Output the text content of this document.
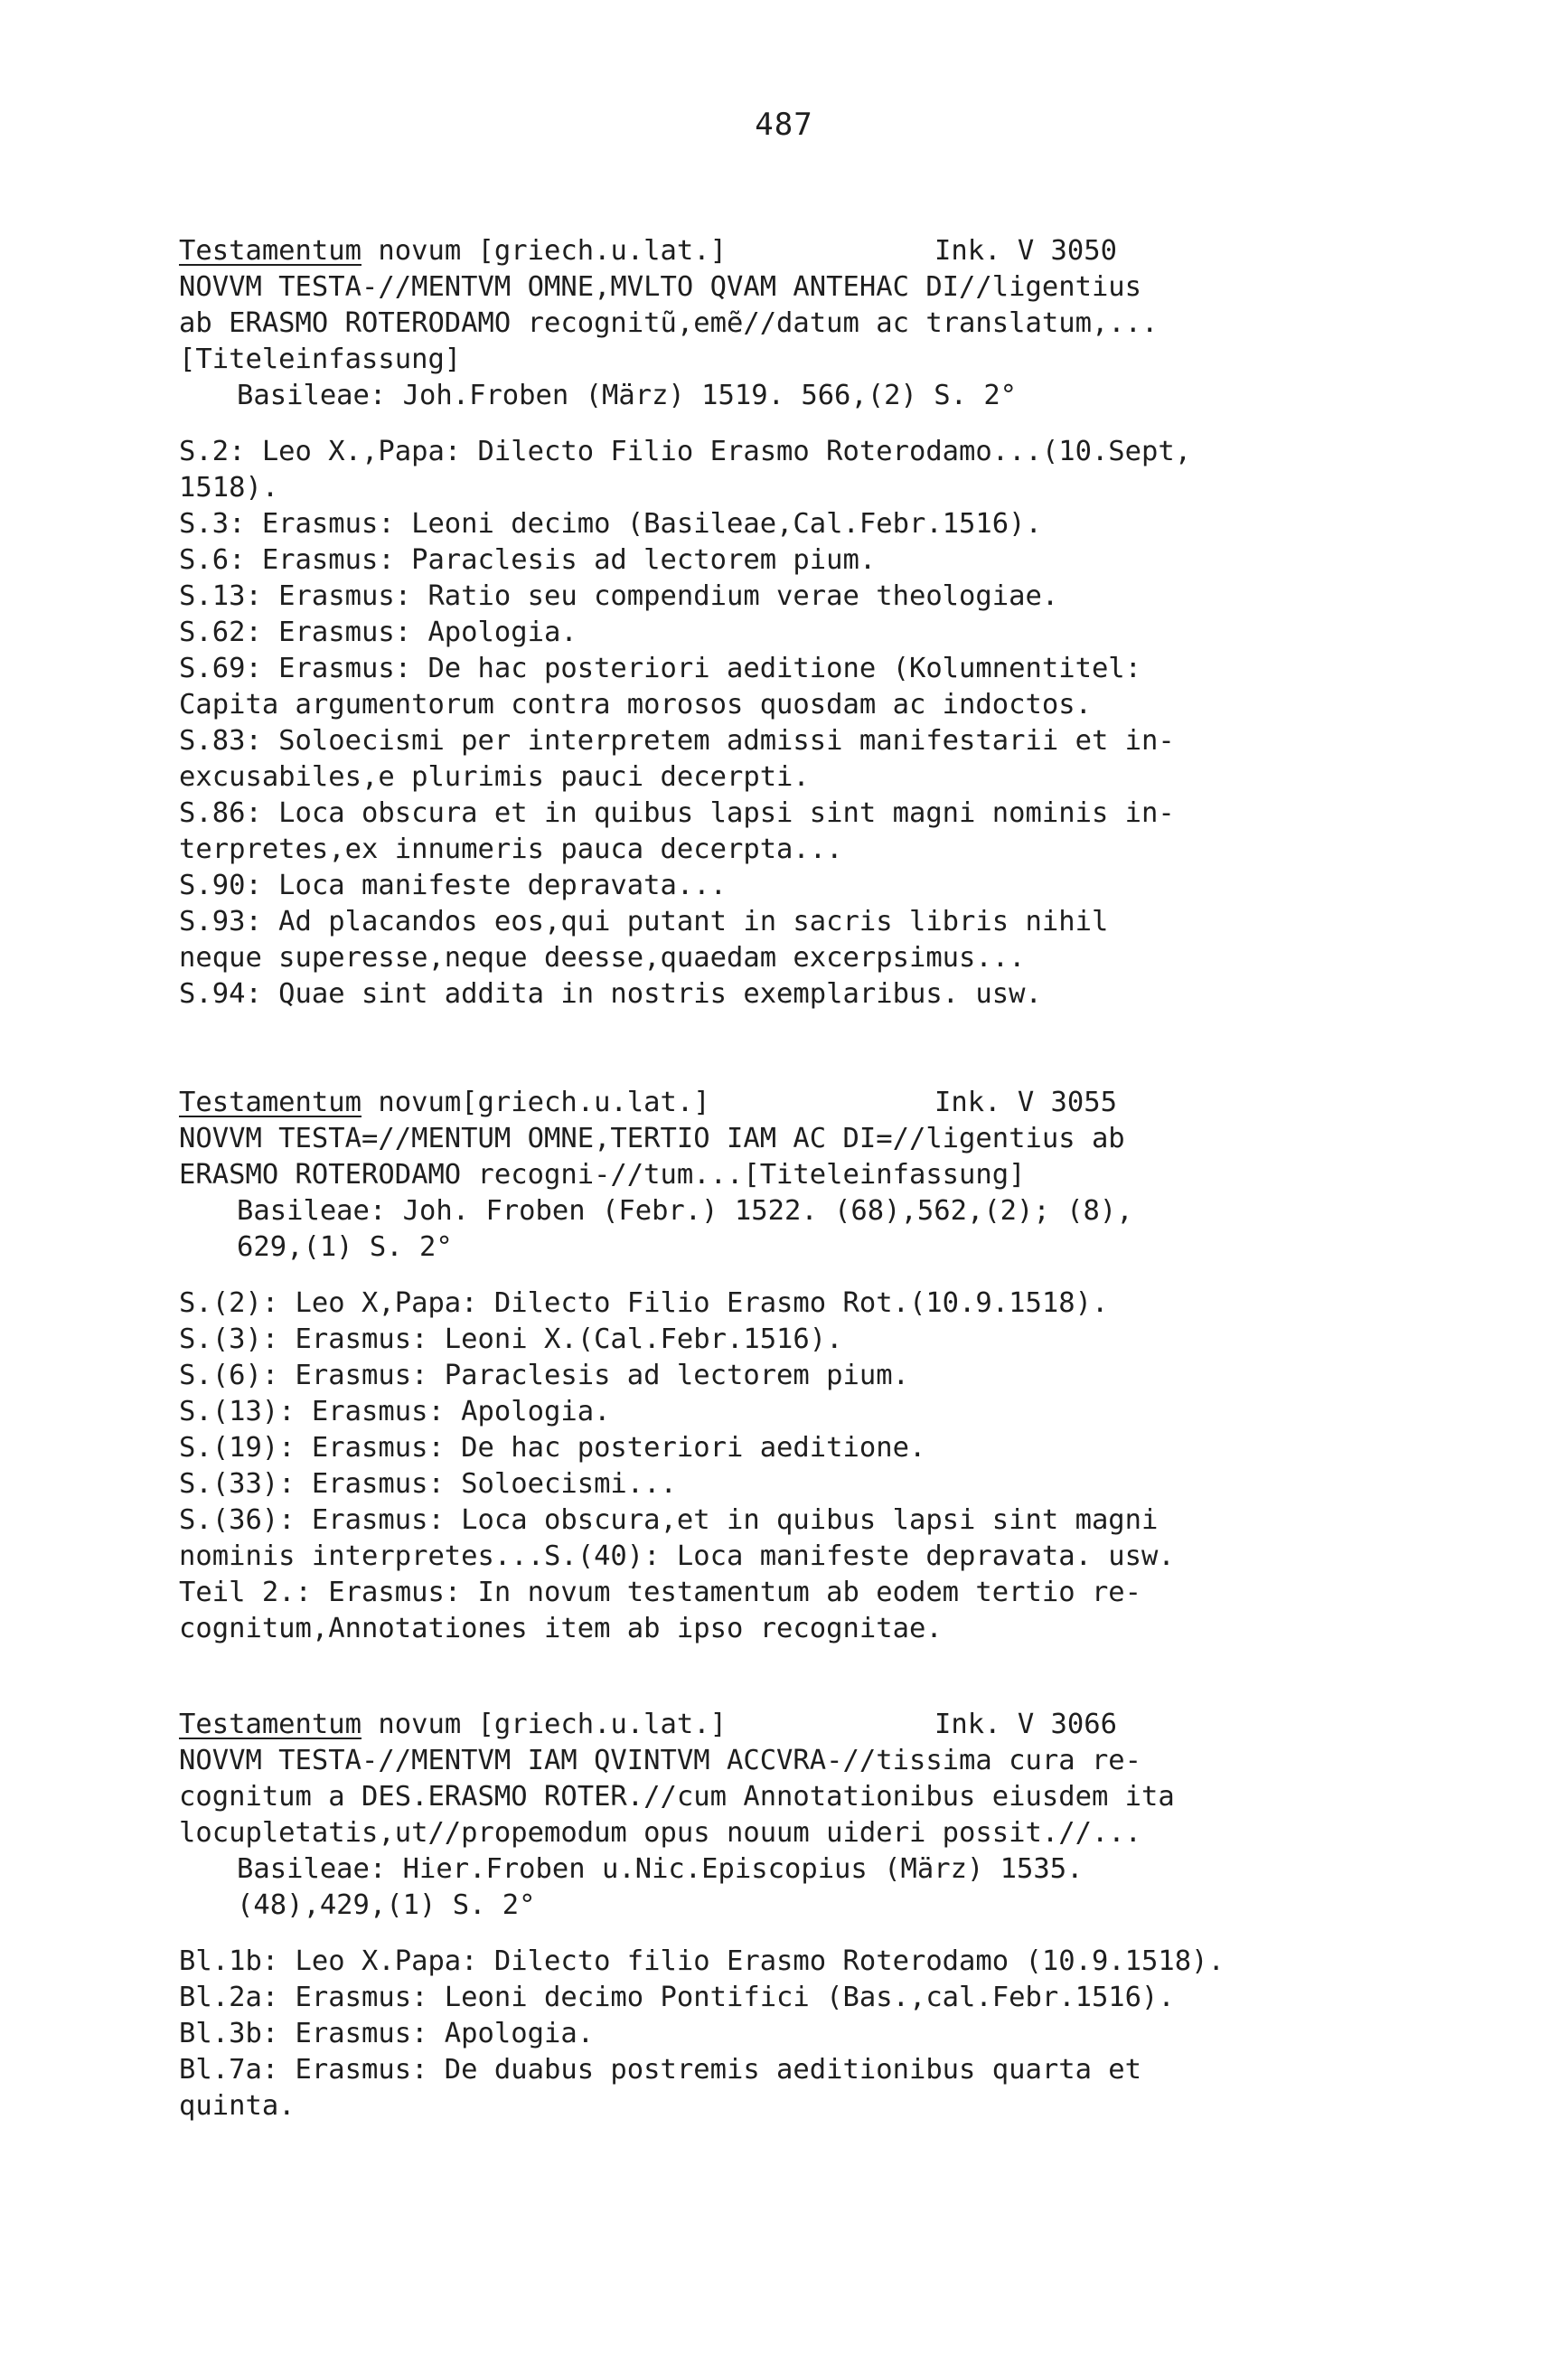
487
Testamentum novum [griech.u.lat.]	Ink. V 3050
NOVVM TESTA-//MENTVM OMNE,MVLTO QVAM ANTEHAC DI//ligentius
ab ERASMO ROTERODAMO recognitũ,emẽ//datum ac translatum,...
[Titeleinfassung]
Basileae: Joh.Froben (März) 1519. 566,(2) S. 2°
S.2: Leo X.,Papa: Dilecto Filio Erasmo Roterodamo...(10.Sept,
1518).
S.3: Erasmus: Leoni decimo (Basileae,Cal.Febr.1516).
S.6: Erasmus: Paraclesis ad lectorem pium.
S.13: Erasmus: Ratio seu compendium verae theologiae.
S.62: Erasmus: Apologia.
S.69: Erasmus: De hac posteriori aeditione (Kolumnentitel:
Capita argumentorum contra morosos quosdam ac indoctos.
S.83: Soloecismi per interpretem admissi manifestarii et in-
excusabiles,e plurimis pauci decerpti.
S.86: Loca obscura et in quibus lapsi sint magni nominis in-
terpretes,ex innumeris pauca decerpta...
S.90: Loca manifeste depravata...
S.93: Ad placandos eos,qui putant in sacris libris nihil
neque superesse,neque deesse,quaedam excerpsimus...
S.94: Quae sint addita in nostris exemplaribus. usw.
Testamentum novum[griech.u.lat.]	Ink. V 3055
NOVVM TESTA=//MENTUM OMNE,TERTIO IAM AC DI=//ligentius ab
ERASMO ROTERODAMO recogni-//tum...[Titeleinfassung]
Basileae: Joh. Froben (Febr.) 1522. (68),562,(2); (8),
629,(1) S. 2°
S.(2): Leo X,Papa: Dilecto Filio Erasmo Rot.(10.9.1518).
S.(3): Erasmus: Leoni X.(Cal.Febr.1516).
S.(6): Erasmus: Paraclesis ad lectorem pium.
S.(13): Erasmus: Apologia.
S.(19): Erasmus: De hac posteriori aeditione.
S.(33): Erasmus: Soloecismi...
S.(36): Erasmus: Loca obscura,et in quibus lapsi sint magni
nominis interpretes...S.(40): Loca manifeste depravata. usw.
Teil 2.: Erasmus: In novum testamentum ab eodem tertio re-
cognitum,Annotationes item ab ipso recognitae.
Testamentum novum [griech.u.lat.]	Ink. V 3066
NOVVM TESTA-//MENTVM IAM QVINTVM ACCVRA-//tissima cura re-
cognitum a DES.ERASMO ROTER.//cum Annotationibus eiusdem ita
locupletatis,ut//propemodum opus nouum uideri possit.//...
Basileae: Hier.Froben u.Nic.Episcopius (März) 1535.
(48),429,(1) S. 2°
Bl.1b: Leo X.Papa: Dilecto filio Erasmo Roterodamo (10.9.1518).
Bl.2a: Erasmus: Leoni decimo Pontifici (Bas.,cal.Febr.1516).
Bl.3b: Erasmus: Apologia.
Bl.7a: Erasmus: De duabus postremis aeditionibus quarta et
quinta.
